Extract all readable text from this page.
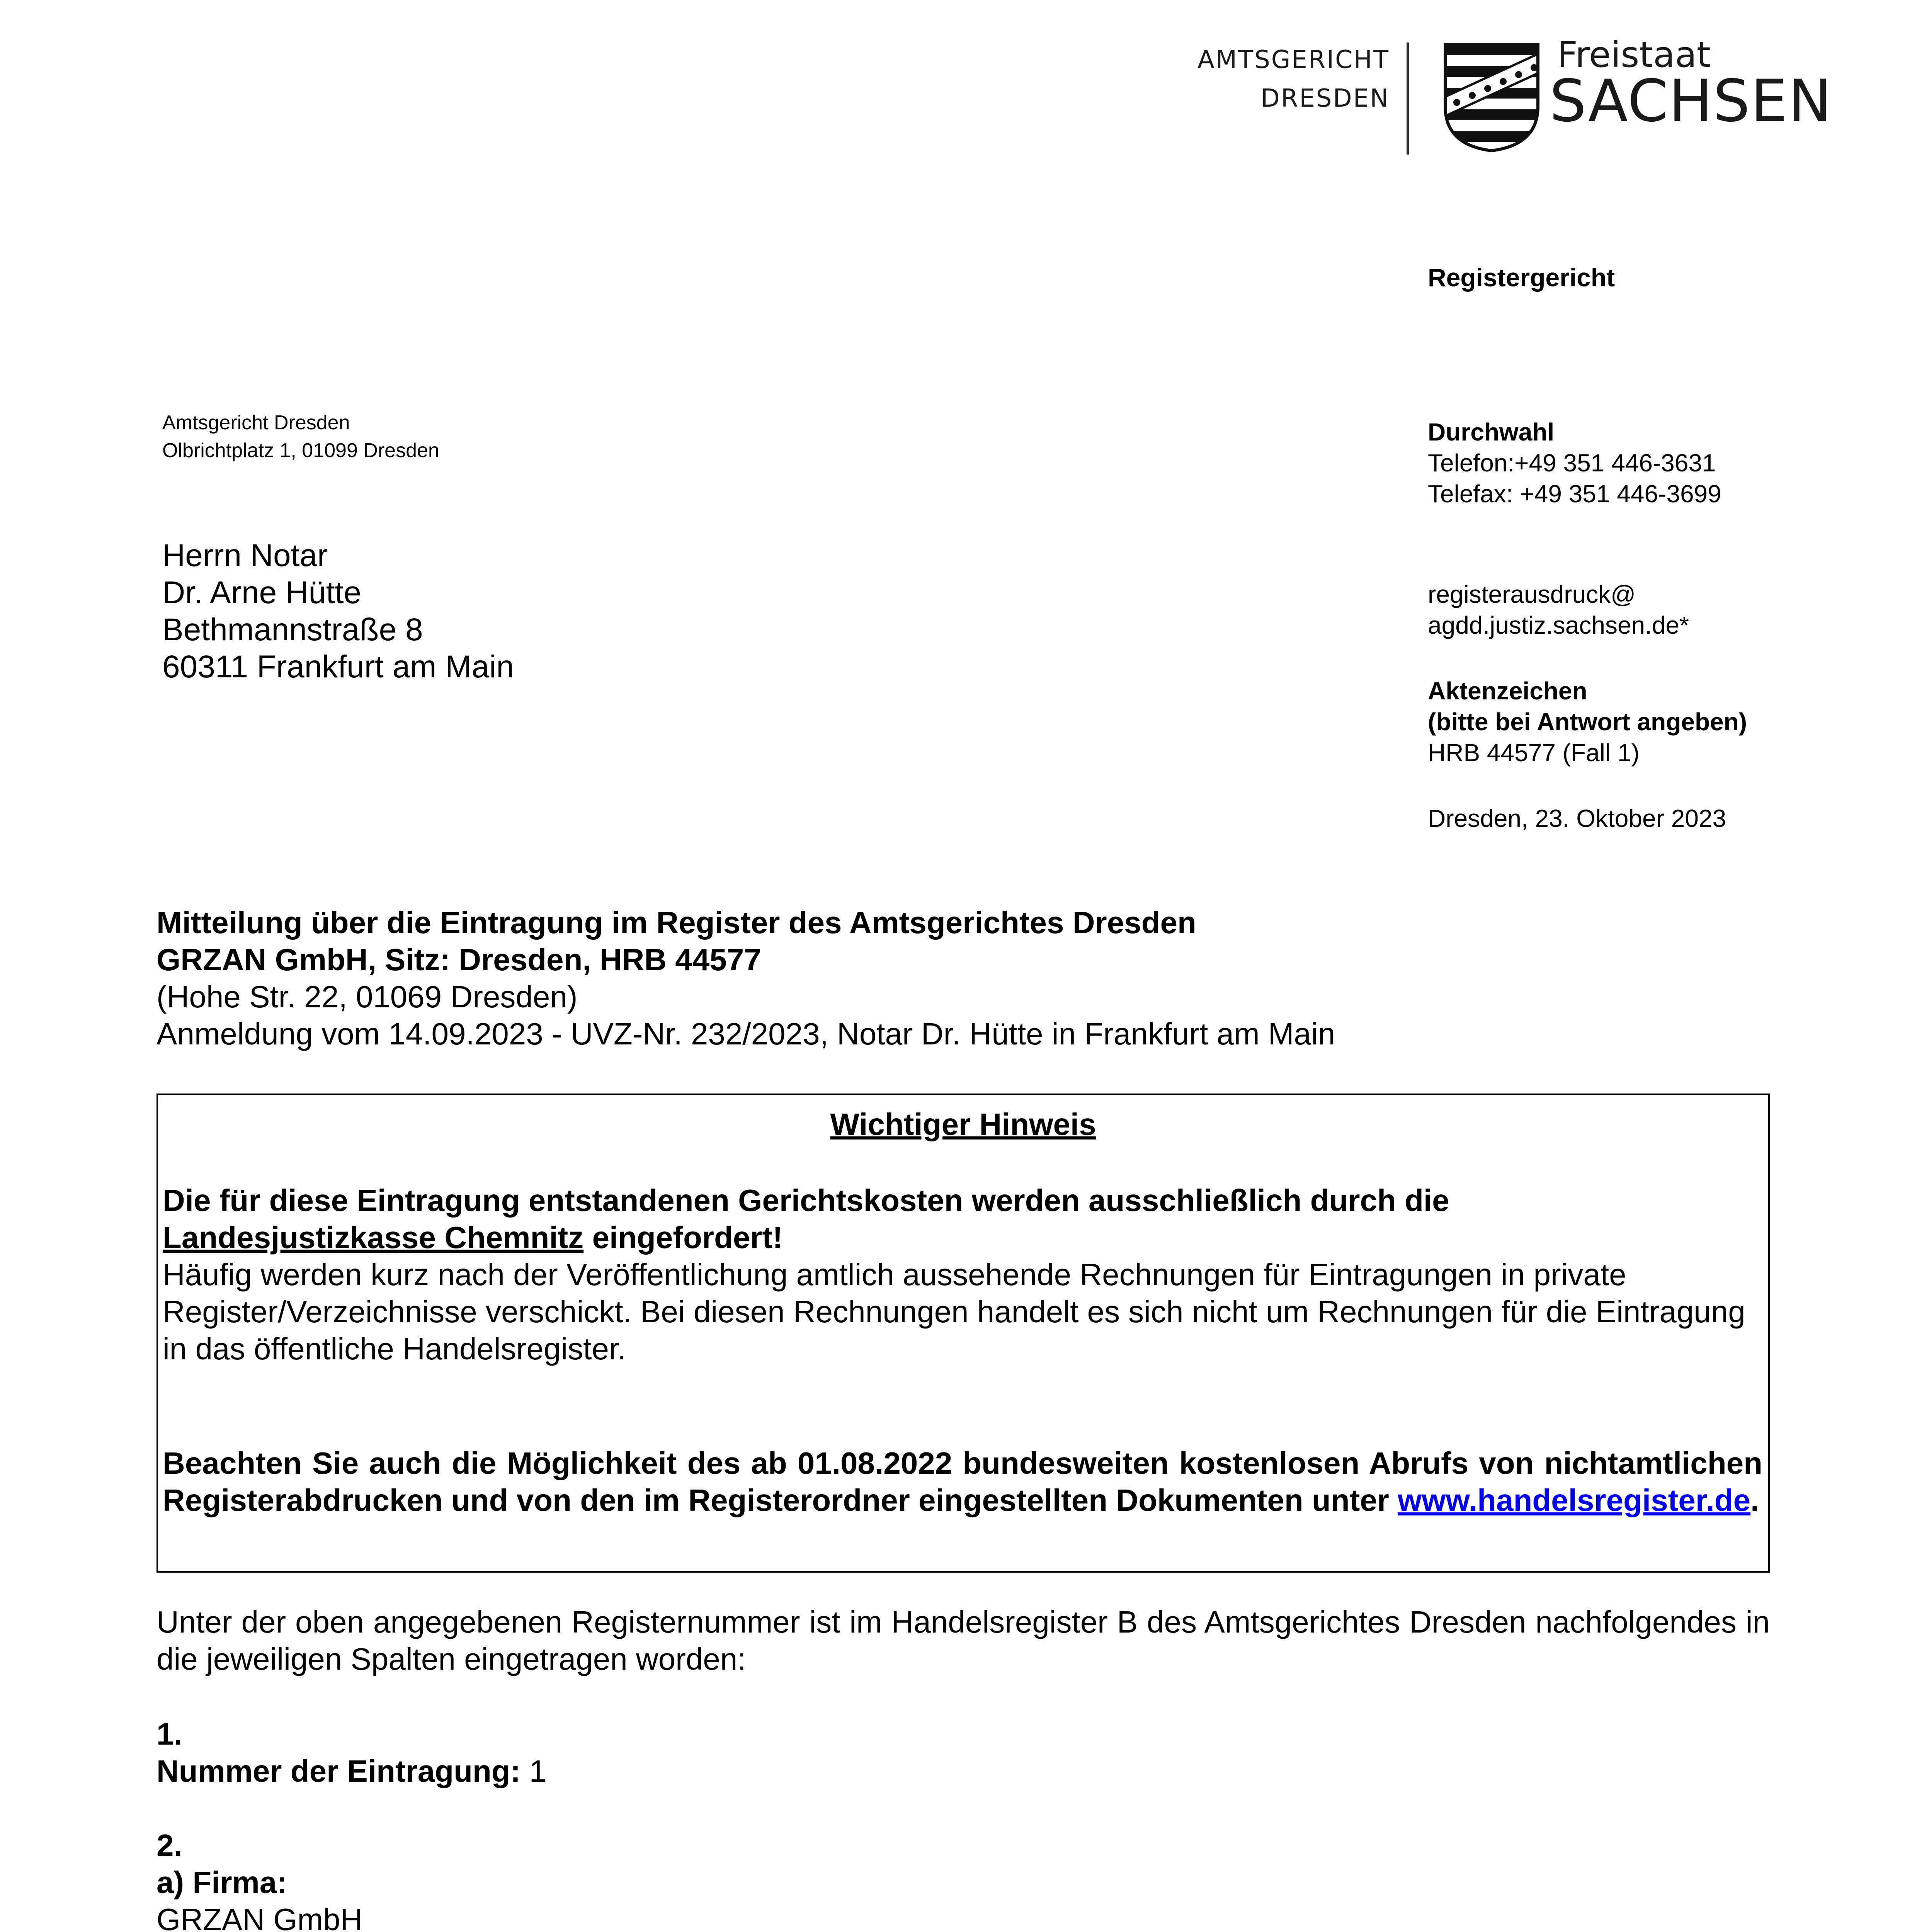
AMTSGERICHT
DRESDEN
Freistaat
SACHSEN
Registergericht
Amtsgericht Dresden
Olbrichtplatz 1, 01099 Dresden
Durchwahl
Telefon:+49 351 446-3631
Telefax: +49 351 446-3699
registerausdruck@
agdd.justiz.sachsen.de*
Aktenzeichen
(bitte bei Antwort angeben)
HRB 44577 (Fall 1)
Dresden, 23. Oktober 2023
Herrn Notar
Dr. Arne Hütte
Bethmannstraße 8
60311 Frankfurt am Main
Mitteilung über die Eintragung im Register des Amtsgerichtes Dresden
GRZAN GmbH, Sitz: Dresden, HRB 44577
(Hohe Str. 22, 01069 Dresden)
Anmeldung vom 14.09.2023 - UVZ-Nr. 232/2023, Notar Dr. Hütte in Frankfurt am Main
Wichtiger Hinweis
Die für diese Eintragung entstandenen Gerichtskosten werden ausschließlich durch die
Landesjustizkasse Chemnitz eingefordert!
Häufig werden kurz nach der Veröffentlichung amtlich aussehende Rechnungen für Eintragungen in private Register/Verzeichnisse verschickt. Bei diesen Rechnungen handelt es sich nicht um Rechnungen für die Eintragung in das öffentliche Handelsregister.
Beachten Sie auch die Möglichkeit des ab 01.08.2022 bundesweiten kostenlosen Abrufs von nichtamtlichen Registerabdrucken und von den im Registerordner eingestellten Dokumenten unter www.handelsregister.de.
Unter der oben angegebenen Registernummer ist im Handelsregister B des Amtsgerichtes Dresden nachfolgendes in die jeweiligen Spalten eingetragen worden:
1.
Nummer der Eintragung: 1
2.
a) Firma:
GRZAN GmbH
